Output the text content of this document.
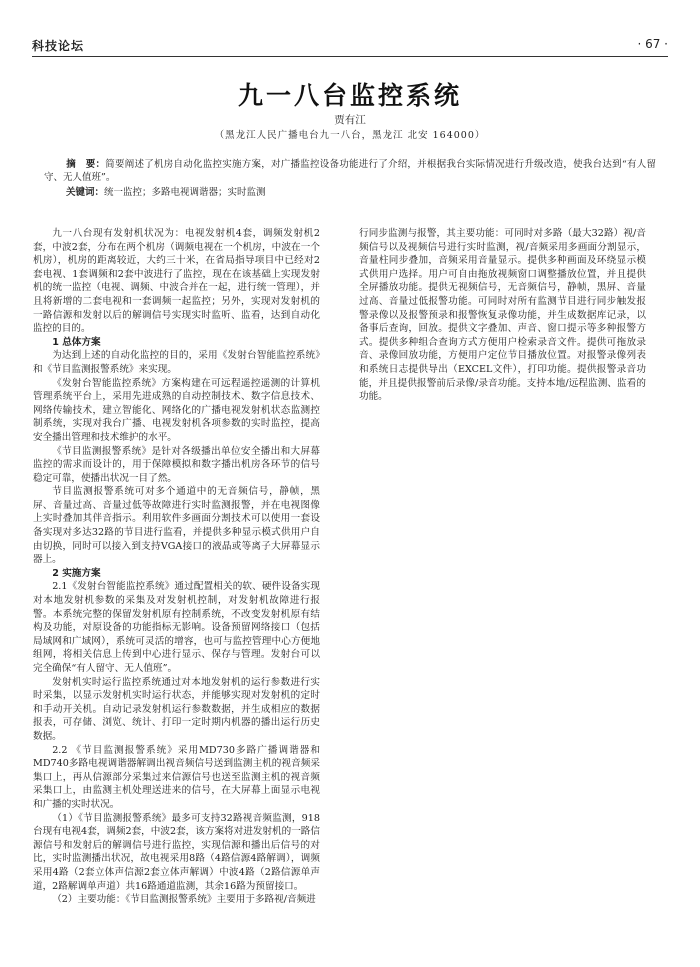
科技论坛	· 67 ·
九一八台监控系统
贾有江
（黑龙江人民广播电台九一八台，黑龙江 北安 164000）
摘　要：简要阐述了机房自动化监控实施方案，对广播监控设备功能进行了介绍，并根据我台实际情况进行升级改造，使我台达到“有人留守、无人值班”。
关键词：统一监控；多路电视调谐器；实时监测

九一八台现有发射机状况为：电视发射机4套，调频发射机2套，中波2套，分布在两个机房（调频电视在一个机房，中波在一个机房），机房的距离较近，大约三十米，在省局指导项目中已经对2套电视、1套调频和2套中波进行了监控，现在在该基础上实现发射机的统一监控（电视、调频、中波合并在一起，进行统一管理），并且将新增的二套电视和一套调频一起监控；另外，实现对发射机的一路信源和发射以后的解调信号实现实时监听、监看，达到自动化监控的目的。

1 总体方案

为达到上述的自动化监控的目的，采用《发射台智能监控系统》和《节目监测报警系统》来实现。

《发射台智能监控系统》方案构建在可远程遥控遥测的计算机管理系统平台上，采用先进成熟的自动控制技术、数字信息技术、网络传输技术，建立智能化、网络化的广播电视发射机状态监测控制系统，实现对我台广播、电视发射机各项参数的实时监控，提高安全播出管理和技术维护的水平。

《节目监测报警系统》是针对各级播出单位安全播出和大屏幕监控的需求而设计的，用于保障模拟和数字播出机房各环节的信号稳定可靠，使播出状况一目了然。

节目监测报警系统可对多个通道中的无音频信号，静帧，黑屏、音量过高、音量过低等故障进行实时监测报警，并在电视图像上实时叠加其伴音指示。利用软件多画面分割技术可以使用一套设备实现对多达32路的节目进行监看，并提供多种显示模式供用户自由切换，同时可以接入到支持VGA接口的液晶或等离子大屏幕显示器上。

2 实施方案

2.1《发射台智能监控系统》通过配置相关的软、硬件设备实现对本地发射机参数的采集及对发射机控制，对发射机故障进行报警。本系统完整的保留发射机原有控制系统，不改变发射机原有结构及功能，对原设备的功能指标无影响。设备预留网络接口（包括局域网和广域网），系统可灵活的增容，也可与监控管理中心方便地组网，将相关信息上传到中心进行显示、保存与管理。发射台可以完全确保“有人留守、无人值班”。

发射机实时运行监控系统通过对本地发射机的运行参数进行实时采集，以显示发射机实时运行状态，并能够实现对发射机的定时和手动开关机。自动记录发射机运行参数数据，并生成相应的数据报表，可存储、浏览、统计、打印一定时期内机器的播出运行历史数据。

2.2 《节目监测报警系统》采用MD730多路广播调谐器和MD740多路电视调谐器解调出视音频信号送到监测主机的视音频采集口上，再从信源部分采集过来信源信号也送至监测主机的视音频采集口上，由监测主机处理送进来的信号，在大屏幕上面显示电视和广播的实时状况。

（1）《节目监测报警系统》最多可支持32路视音频监测，918台现有电视4套，调频2套，中波2套，该方案将对进发射机的一路信源信号和发射后的解调信号进行监控，实现信源和播出后信号的对比，实时监测播出状况，故电视采用8路（4路信源4路解调），调频采用4路（2套立体声信源2套立体声解调）中波4路（2路信源单声道，2路解调单声道）共16路通道监测，其余16路为预留接口。

（2）主要功能：《节目监测报警系统》主要用于多路视/音频进

行同步监测与报警，其主要功能：可同时对多路（最大32路）视/音频信号以及视频信号进行实时监测，视/音频采用多画面分割显示，音量柱同步叠加，音频采用音量显示。提供多种画面及环绕显示模式供用户选择。用户可自由拖放视频窗口调整播放位置，并且提供全屏播放功能。提供无视频信号，无音频信号，静帧，黑屏、音量过高、音量过低报警功能。可同时对所有监测节目进行同步触发报警录像以及报警预录和报警恢复录像功能，并生成数据库记录，以备事后查询，回放。提供文字叠加、声音、窗口提示等多种报警方式。提供多种组合查询方式方便用户检索录音文件。提供可拖放录音、录像回放功能，方便用户定位节目播放位置。对报警录像列表和系统日志提供导出（EXCEL文件），打印功能。提供报警录音功能，并且提供报警前后录像/录音功能。支持本地/远程监测、监看的功能。
